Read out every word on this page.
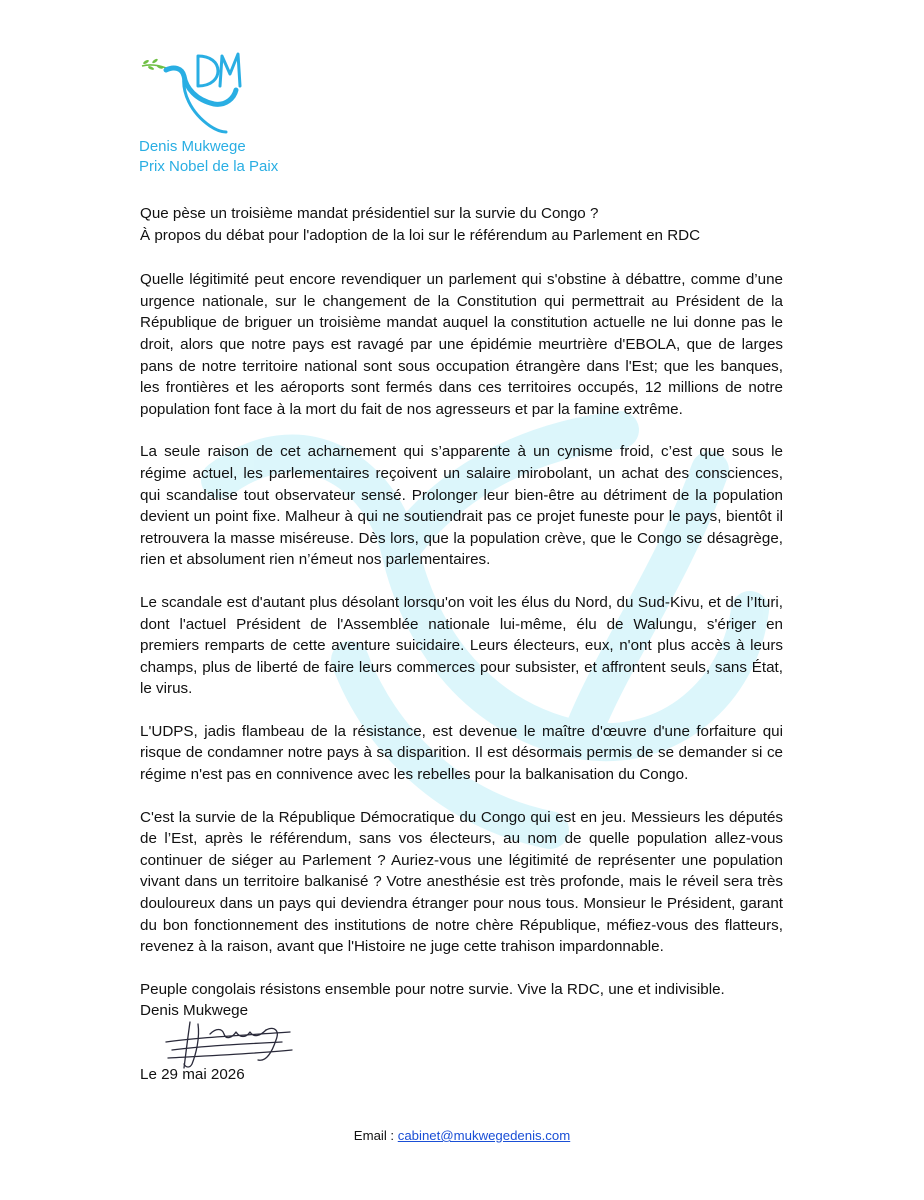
Denis Mukwege
Prix Nobel de la Paix
Que pèse un troisième mandat présidentiel sur la survie du Congo ?
À propos du débat pour l'adoption de la loi sur le référendum au Parlement en RDC

Quelle légitimité peut encore revendiquer un parlement qui s'obstine à débattre, comme d’une urgence nationale, sur le changement de la Constitution qui permettrait au Président de la République de briguer un troisième mandat auquel la constitution actuelle ne lui donne pas le droit, alors que notre pays est ravagé par une épidémie meurtrière d'EBOLA, que de larges pans de notre territoire national sont sous occupation étrangère dans l'Est; que les banques, les frontières et les aéroports sont fermés dans ces territoires occupés, 12 millions de notre population font face à la mort du fait de nos agresseurs et par la famine extrême.

La seule raison de cet acharnement qui s’apparente à un cynisme froid, c’est que sous le régime actuel, les parlementaires reçoivent un salaire mirobolant, un achat des consciences, qui scandalise tout observateur sensé. Prolonger leur bien-être au détriment de la population devient un point fixe. Malheur à qui ne soutiendrait pas ce projet funeste pour le pays, bientôt il retrouvera la masse miséreuse. Dès lors, que la population crève, que le Congo se désagrège, rien et absolument rien n’émeut nos parlementaires.

Le scandale est d'autant plus désolant lorsqu'on voit les élus du Nord, du Sud-Kivu, et de l’Ituri, dont l'actuel Président de l'Assemblée nationale lui-même, élu de Walungu, s'ériger en premiers remparts de cette aventure suicidaire. Leurs électeurs, eux, n'ont plus accès à leurs champs, plus de liberté de faire leurs commerces pour subsister, et affrontent seuls, sans État, le virus.

L'UDPS, jadis flambeau de la résistance, est devenue le maître d'œuvre d'une forfaiture qui risque de condamner notre pays à sa disparition. Il est désormais permis de se demander si ce régime n'est pas en connivence avec les rebelles pour la balkanisation du Congo.

C'est la survie de la République Démocratique du Congo qui est en jeu. Messieurs les députés de l’Est, après le référendum, sans vos électeurs, au nom de quelle population allez-vous continuer de siéger au Parlement ? Auriez-vous une légitimité de représenter une population vivant dans un territoire balkanisé ? Votre anesthésie est très profonde, mais le réveil sera très douloureux dans un pays qui deviendra étranger pour nous tous. Monsieur le Président, garant du bon fonctionnement des institutions de notre chère République, méfiez-vous des flatteurs, revenez à la raison, avant que l'Histoire ne juge cette trahison impardonnable.

Peuple congolais résistons ensemble pour notre survie. Vive la RDC, une et indivisible.

Denis Mukwege
Le 29 mai 2026
Email : cabinet@mukwegedenis.com
